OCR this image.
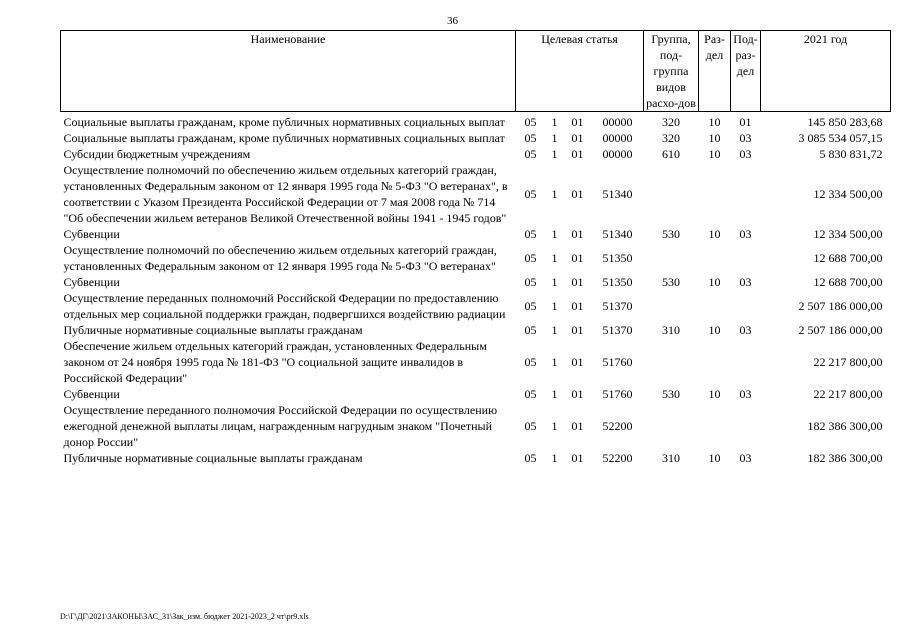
36
Наименование	Целевая статья				Группа, под-группа видов расхо-дов	Раз-дел	Под-раз-дел	2021 год
Социальные выплаты гражданам, кроме публичных нормативных социальных выплат	05	1	01	00000	320	10	01	145 850 283,68
Социальные выплаты гражданам, кроме публичных нормативных социальных выплат	05	1	01	00000	320	10	03	3 085 534 057,15
Субсидии бюджетным учреждениям	05	1	01	00000	610	10	03	5 830 831,72
Осуществление полномочий по обеспечению жильем отдельных категорий граждан, установленных Федеральным законом от 12 января 1995 года № 5-ФЗ "О ветеранах", в соответствии с Указом Президента Российской Федерации от 7 мая 2008 года № 714 "Об обеспечении жильем ветеранов Великой Отечественной войны 1941 - 1945 годов"	05	1	01	51340				12 334 500,00
Субвенции	05	1	01	51340	530	10	03	12 334 500,00
Осуществление полномочий по обеспечению жильем отдельных категорий граждан, установленных Федеральным законом от 12 января 1995 года № 5-ФЗ "О ветеранах"	05	1	01	51350				12 688 700,00
Субвенции	05	1	01	51350	530	10	03	12 688 700,00
Осуществление переданных полномочий Российской Федерации по предоставлению отдельных мер социальной поддержки граждан, подвергшихся воздействию радиации	05	1	01	51370				2 507 186 000,00
Публичные нормативные социальные выплаты гражданам	05	1	01	51370	310	10	03	2 507 186 000,00
Обеспечение жильем отдельных категорий граждан, установленных Федеральным законом от 24 ноября 1995 года № 181-ФЗ "О социальной защите инвалидов в Российской Федерации"	05	1	01	51760				22 217 800,00
Субвенции	05	1	01	51760	530	10	03	22 217 800,00
Осуществление переданного полномочия Российской Федерации по осуществлению ежегодной денежной выплаты лицам, награжденным нагрудным знаком "Почетный донор России"	05	1	01	52200				182 386 300,00
Публичные нормативные социальные выплаты гражданам	05	1	01	52200	310	10	03	182 386 300,00
D:\Г\ДГ\2021\ЗАКОНЫ\ЗАС_31\Зак_изм. бюджет 2021-2023_2 чт\pr9.xls
